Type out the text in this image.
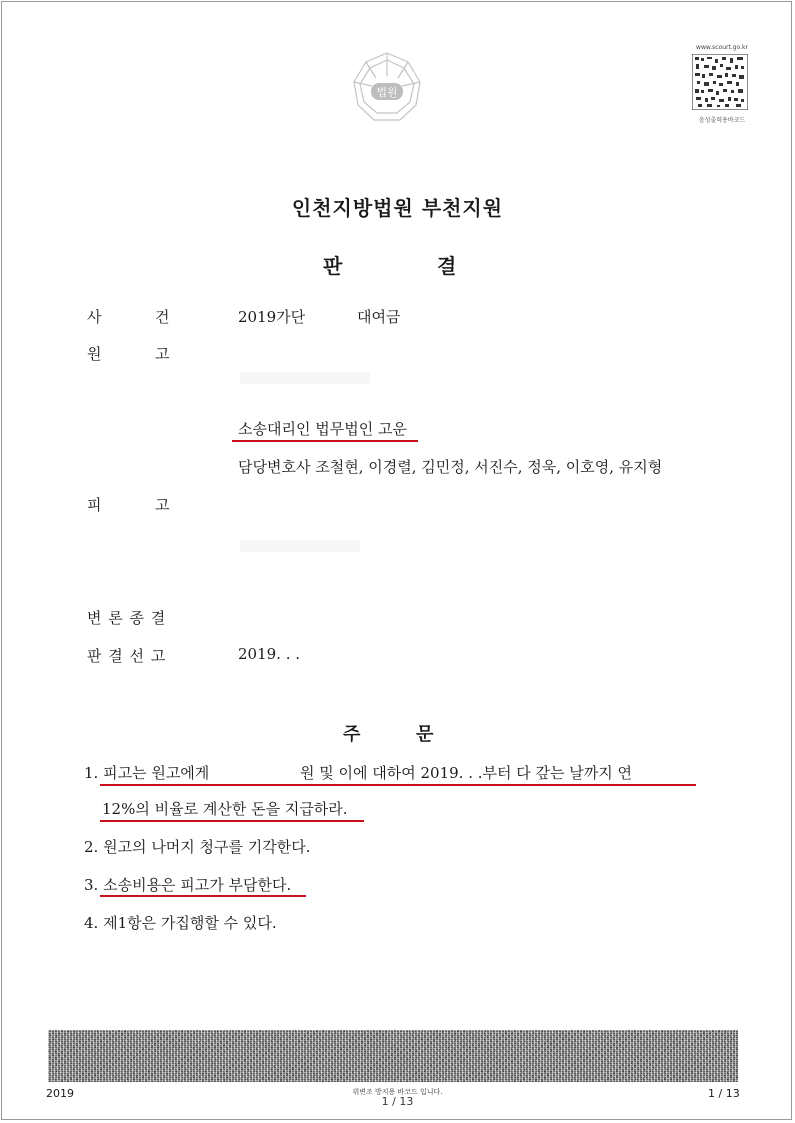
법원
www.scourt.go.kr
음성출력용바코드
인천지방법원 부천지원
판	결
사	건	2019가단	대여금
원	고
소송대리인 법무법인 고운
담당변호사 조철현, 이경렬, 김민정, 서진수, 정욱, 이호영, 유지형
피	고
변 론 종 결
판 결 선 고	2019. . .
주	문
1. 피고는 원고에게	원 및 이에 대하여 2019. . .부터 다 갚는 날까지 연
12%의 비율로 계산한 돈을 지급하라.
2. 원고의 나머지 청구를 기각한다.
3. 소송비용은 피고가 부담한다.
4. 제1항은 가집행할 수 있다.
2019	위변조 방지용 바코드 입니다.
1 / 13
1 / 13
